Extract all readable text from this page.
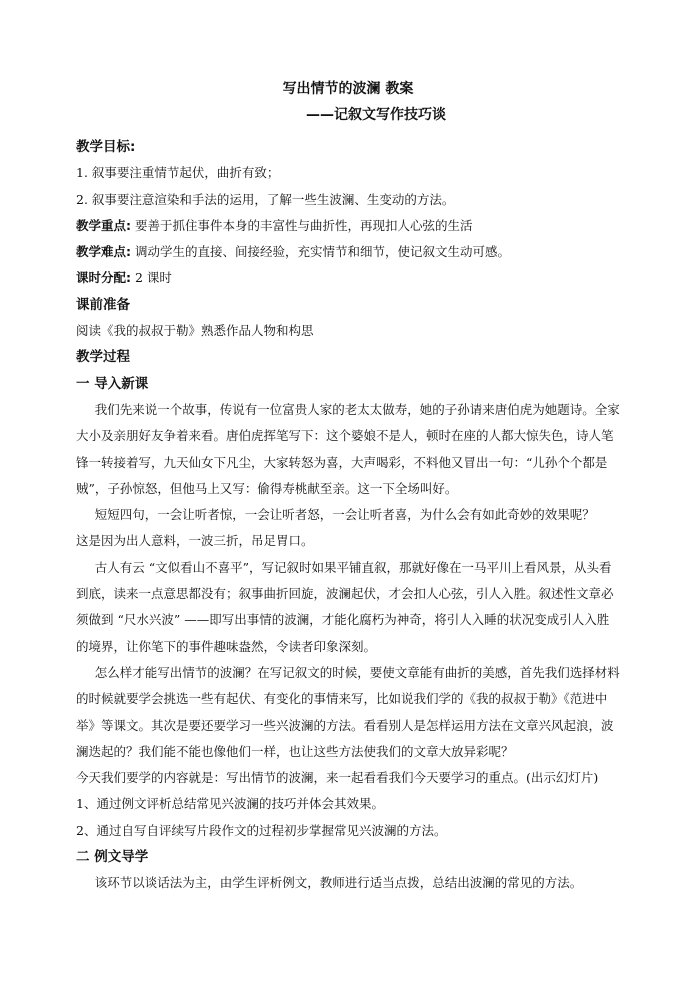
写出情节的波澜 教案
——记叙文写作技巧谈
教学目标:
1. 叙事要注重情节起伏，曲折有致；
2. 叙事要注意渲染和手法的运用，了解一些生波澜、生变动的方法。
教学重点: 要善于抓住事件本身的丰富性与曲折性，再现扣人心弦的生活
教学难点: 调动学生的直接、间接经验，充实情节和细节，使记叙文生动可感。
课时分配: 2 课时
课前准备
阅读《我的叔叔于勒》熟悉作品人物和构思
教学过程
一 导入新课
我们先来说一个故事，传说有一位富贵人家的老太太做寿，她的子孙请来唐伯虎为她题诗。全家
大小及亲朋好友争着来看。唐伯虎挥笔写下：这个婆娘不是人，顿时在座的人都大惊失色，诗人笔
锋一转接着写，九天仙女下凡尘，大家转怒为喜，大声喝彩，不料他又冒出一句：“儿孙个个都是
贼”，子孙惊怒，但他马上又写：偷得寿桃献至亲。这一下全场叫好。
短短四句，一会让听者惊，一会让听者怒，一会让听者喜，为什么会有如此奇妙的效果呢？
这是因为出人意料，一波三折，吊足胃口。
古人有云 “文似看山不喜平”，写记叙时如果平铺直叙，那就好像在一马平川上看风景，从头看
到底，读来一点意思都没有；叙事曲折回旋，波澜起伏，才会扣人心弦，引人入胜。叙述性文章必
须做到 “尺水兴波” ——即写出事情的波澜，才能化腐朽为神奇，将引人入睡的状况变成引人入胜
的境界，让你笔下的事件趣味盎然，令读者印象深刻。
怎么样才能写出情节的波澜？在写记叙文的时候，要使文章能有曲折的美感，首先我们选择材料
的时候就要学会挑选一些有起伏、有变化的事情来写，比如说我们学的《我的叔叔于勒》《范进中
举》等课文。其次是要还要学习一些兴波澜的方法。看看别人是怎样运用方法在文章兴风起浪，波
澜迭起的？我们能不能也像他们一样，也让这些方法使我们的文章大放异彩呢？
今天我们要学的内容就是：写出情节的波澜，来一起看看我们今天要学习的重点。(出示幻灯片)
1、通过例文评析总结常见兴波澜的技巧并体会其效果。
2、通过自写自评续写片段作文的过程初步掌握常见兴波澜的方法。
二 例文导学
该环节以谈话法为主，由学生评析例文，教师进行适当点拨，总结出波澜的常见的方法。
